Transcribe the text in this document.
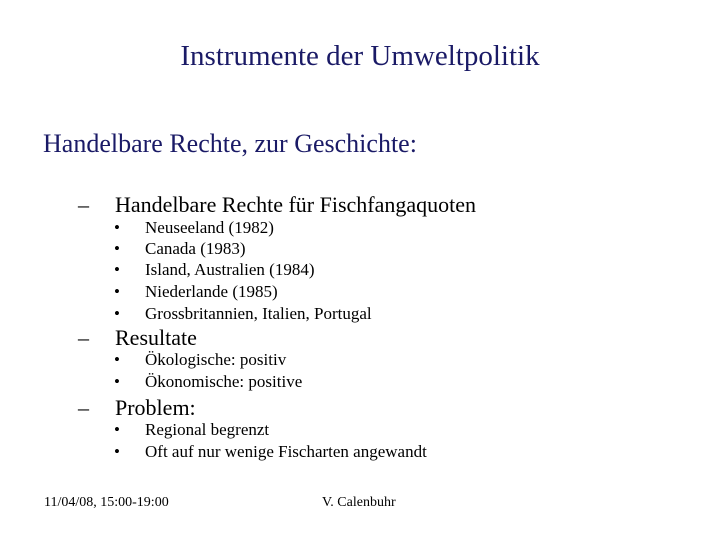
Instrumente der Umweltpolitik
Handelbare Rechte, zur Geschichte:
– Handelbare Rechte für Fischfangaquoten
• Neuseeland (1982)
• Canada (1983)
• Island, Australien (1984)
• Niederlande (1985)
• Grossbritannien, Italien, Portugal
– Resultate
• Ökologische: positiv
• Ökonomische: positive
– Problem:
• Regional begrenzt
• Oft auf nur wenige Fischarten angewandt
11/04/08, 15:00-19:00	V. Calenbuhr
